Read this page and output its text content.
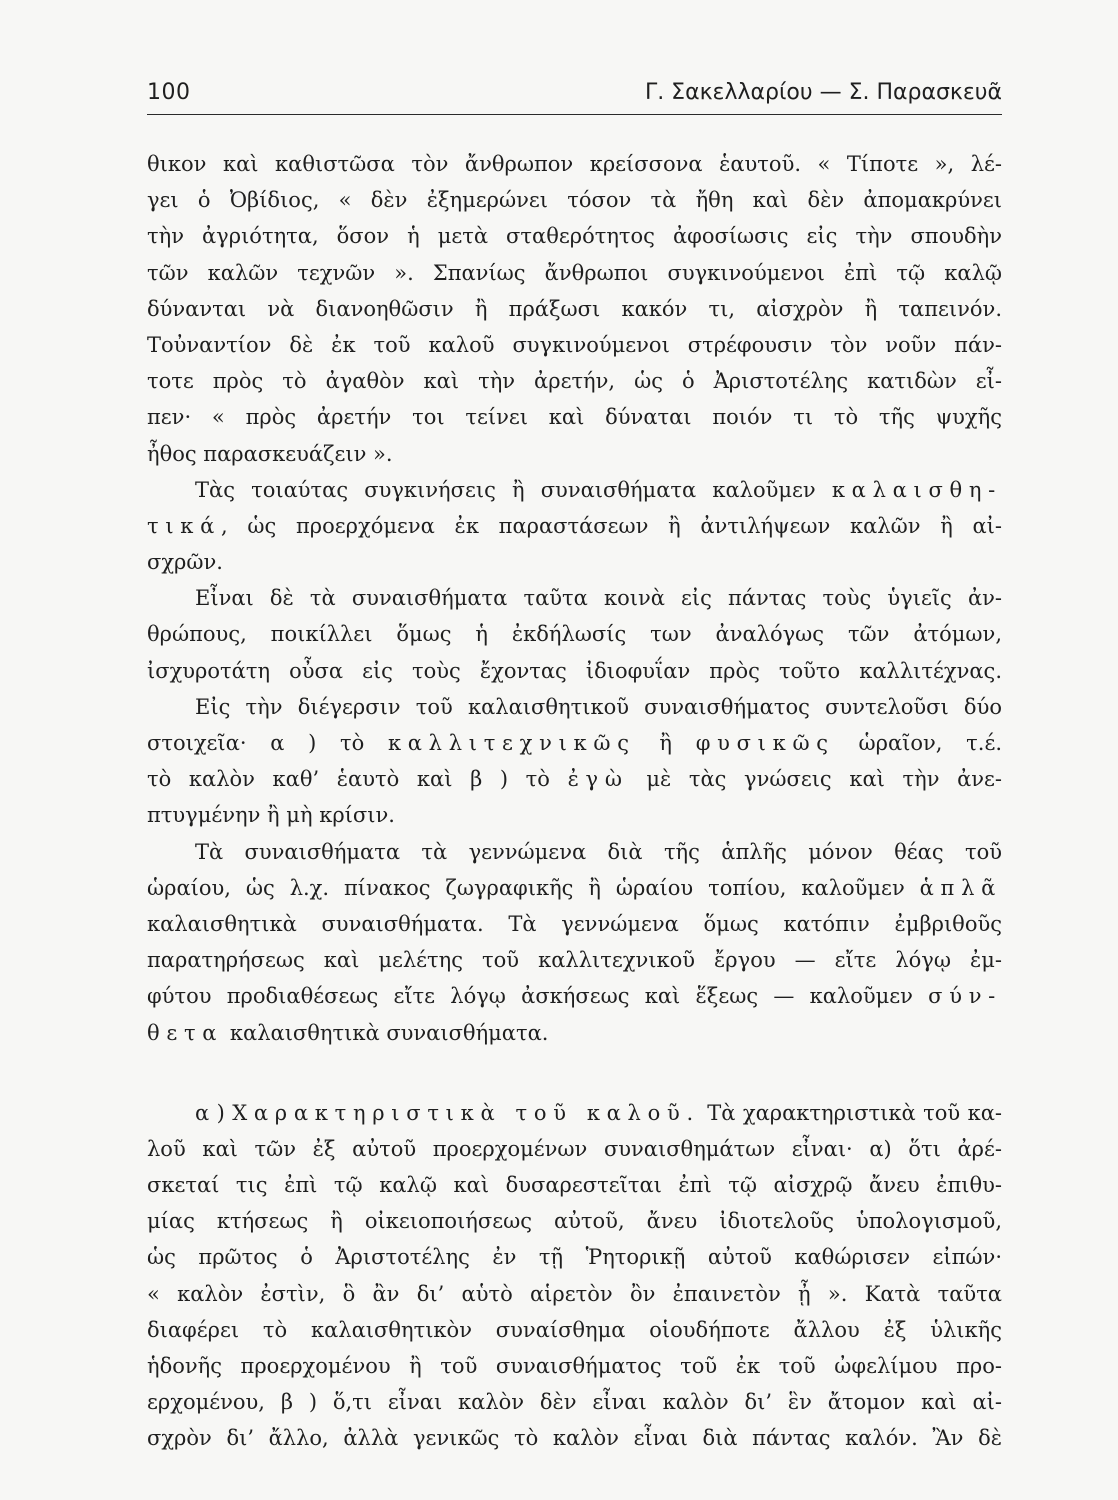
100	Γ. Σακελλαρίου — Σ. Παρασκευᾶ
θικον καὶ καθιστῶσα τὸν ἄνθρωπον κρείσσονα ἑαυτοῦ. « Τίποτε », λέ-
γει ὁ Ὀβίδιος, « δὲν ἐξημερώνει τόσον τὰ ἤθη καὶ δὲν ἀπομακρύνει
τὴν ἀγριότητα, ὅσον ἡ μετὰ σταθερότητος ἀφοσίωσις εἰς τὴν σπουδὴν
τῶν καλῶν τεχνῶν ». Σπανίως ἄνθρωποι συγκινούμενοι ἐπὶ τῷ καλῷ
δύνανται νὰ διανοηθῶσιν ἢ πράξωσι κακόν τι, αἰσχρὸν ἢ ταπεινόν.
Τοὐναντίον δὲ ἐκ τοῦ καλοῦ συγκινούμενοι στρέφουσιν τὸν νοῦν πάν-
τοτε πρὸς τὸ ἀγαθὸν καὶ τὴν ἀρετήν, ὡς ὁ Ἀριστοτέλης κατιδὼν εἶ-
πεν· « πρὸς ἀρετήν τοι τείνει καὶ δύναται ποιόν τι τὸ τῆς ψυχῆς
ἦθος παρασκευάζειν ».
Τὰς τοιαύτας συγκινήσεις ἢ συναισθήματα καλοῦμεν καλαισθη-
τικά, ὡς προερχόμενα ἐκ παραστάσεων ἢ ἀντιλήψεων καλῶν ἢ αἰ-
σχρῶν.
Εἶναι δὲ τὰ συναισθήματα ταῦτα κοινὰ εἰς πάντας τοὺς ὑγιεῖς ἀν-
θρώπους, ποικίλλει ὅμως ἡ ἐκδήλωσίς των ἀναλόγως τῶν ἀτόμων,
ἰσχυροτάτη οὖσα εἰς τοὺς ἔχοντας ἰδιοφυΐαν πρὸς τοῦτο καλλιτέχνας.
Εἰς τὴν διέγερσιν τοῦ καλαισθητικοῦ συναισθήματος συντελοῦσι δύο
στοιχεῖα· α ) τὸ καλλιτεχνικῶς ἢ φυσικῶς ὡραῖον, τ.έ.
τὸ καλὸν καθ’ ἑαυτὸ καὶ β ) τὸ ἐγὼ μὲ τὰς γνώσεις καὶ τὴν ἀνε-
πτυγμένην ἢ μὴ κρίσιν.
Τὰ συναισθήματα τὰ γεννώμενα διὰ τῆς ἁπλῆς μόνον θέας τοῦ
ὡραίου, ὡς λ.χ. πίνακος ζωγραφικῆς ἢ ὡραίου τοπίου, καλοῦμεν ἁπλᾶ
καλαισθητικὰ συναισθήματα. Τὰ γεννώμενα ὅμως κατόπιν ἐμβριθοῦς
παρατηρήσεως καὶ μελέτης τοῦ καλλιτεχνικοῦ ἔργου — εἴτε λόγῳ ἐμ-
φύτου προδιαθέσεως εἴτε λόγῳ ἀσκήσεως καὶ ἕξεως — καλοῦμεν σύν-
θετα καλαισθητικὰ συναισθήματα.
α ) Χαρακτηριστικὰ τοῦ καλοῦ. Τὰ χαρακτηριστικὰ τοῦ κα-
λοῦ καὶ τῶν ἐξ αὐτοῦ προερχομένων συναισθημάτων εἶναι· α) ὅτι ἀρέ-
σκεταί τις ἐπὶ τῷ καλῷ καὶ δυσαρεστεῖται ἐπὶ τῷ αἰσχρῷ ἄνευ ἐπιθυ-
μίας κτήσεως ἢ οἰκειοποιήσεως αὐτοῦ, ἄνευ ἰδιοτελοῦς ὑπολογισμοῦ,
ὡς πρῶτος ὁ Ἀριστοτέλης ἐν τῇ Ῥητορικῇ αὐτοῦ καθώρισεν εἰπών·
« καλὸν ἐστὶν, ὃ ἂν δι’ αὑτὸ αἱρετὸν ὂν ἐπαινετὸν ᾖ ». Κατὰ ταῦτα
διαφέρει τὸ καλαισθητικὸν συναίσθημα οἱουδήποτε ἄλλου ἐξ ὑλικῆς
ἡδονῆς προερχομένου ἢ τοῦ συναισθήματος τοῦ ἐκ τοῦ ὠφελίμου προ-
ερχομένου, β ) ὅ,τι εἶναι καλὸν δὲν εἶναι καλὸν δι’ ἓν ἄτομον καὶ αἰ-
σχρὸν δι’ ἄλλο, ἀλλὰ γενικῶς τὸ καλὸν εἶναι διὰ πάντας καλόν. Ἂν δὲ
